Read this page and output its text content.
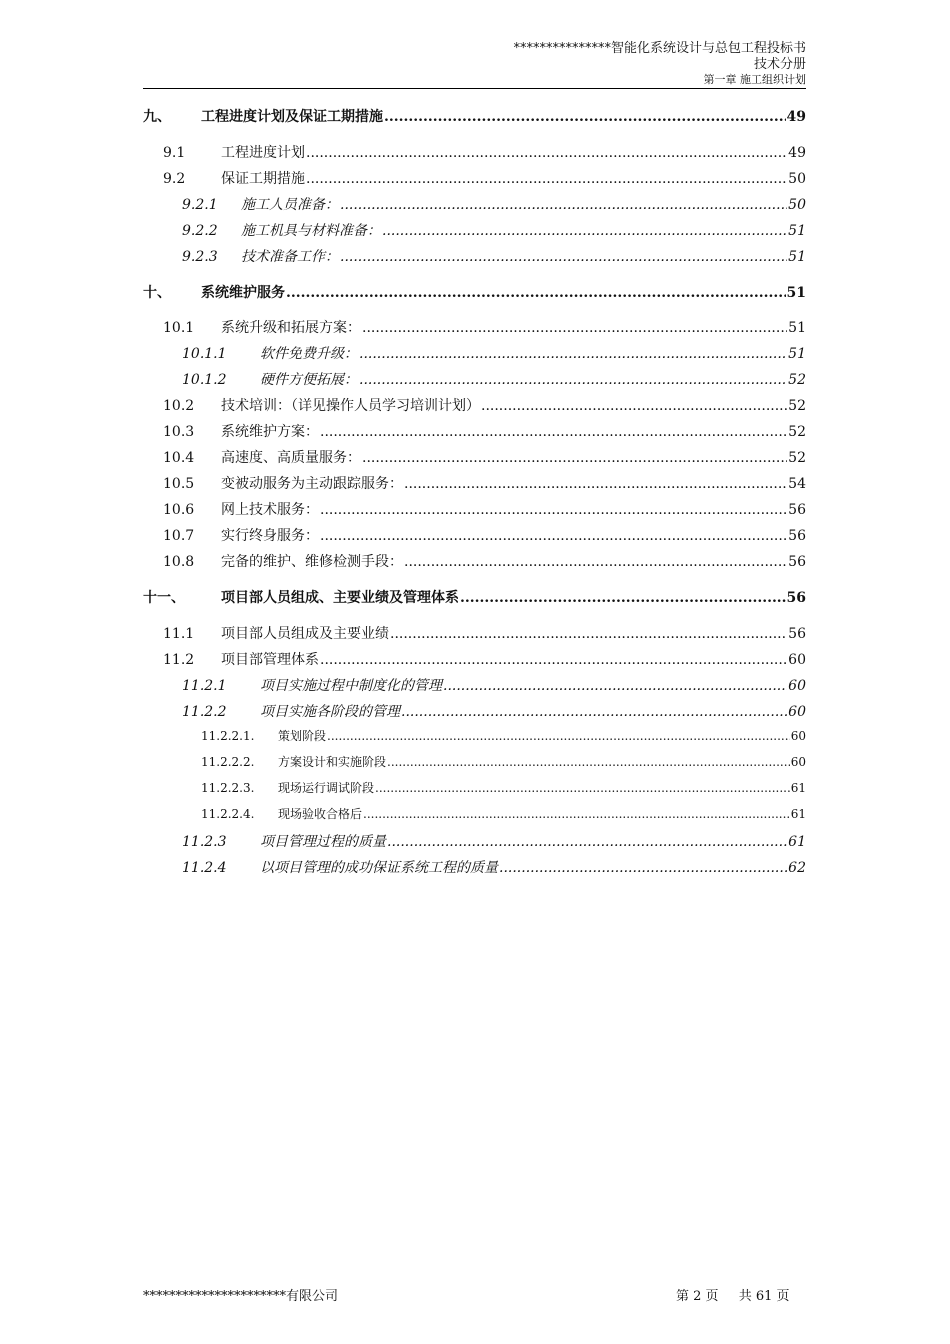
***************智能化系统设计与总包工程投标书
技术分册
第一章 施工组织计划
九、	工程进度计划及保证工期措施 .....	49
9.1	工程进度计划 .....	49
9.2	保证工期措施 .....	50
9.2.1	施工人员准备： .....	50
9.2.2	施工机具与材料准备： .....	51
9.2.3	技术准备工作： .....	51
十、	系统维护服务 .....	51
10.1	系统升级和拓展方案： .....	51
10.1.1	软件免费升级： .....	51
10.1.2	硬件方便拓展： .....	52
10.2	技术培训：（详见操作人员学习培训计划） .....	52
10.3	系统维护方案： .....	52
10.4	高速度、高质量服务： .....	52
10.5	变被动服务为主动跟踪服务： .....	54
10.6	网上技术服务： .....	56
10.7	实行终身服务： .....	56
10.8	完备的维护、维修检测手段： .....	56
十一、	项目部人员组成、主要业绩及管理体系 .....	56
11.1	项目部人员组成及主要业绩 .....	56
11.2	项目部管理体系 .....	60
11.2.1	项目实施过程中制度化的管理 .....	60
11.2.2	项目实施各阶段的管理 .....	60
11.2.2.1.	策划阶段 .....	60
11.2.2.2.	方案设计和实施阶段 .....	60
11.2.2.3.	现场运行调试阶段 .....	61
11.2.2.4.	现场验收合格后 .....	61
11.2.3	项目管理过程的质量 .....	61
11.2.4	以项目管理的成功保证系统工程的质量 .....	62
**********************有限公司	第 2 页 共 61 页
